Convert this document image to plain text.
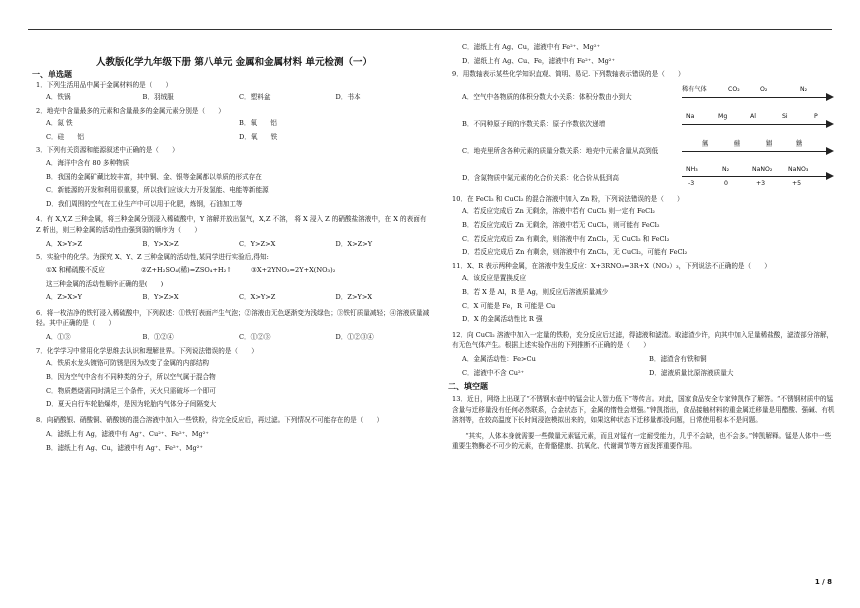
人教版化学九年级下册 第八单元 金属和金属材料 单元检测（一）
一、单选题
1．下列生活用品中属于金属材料的是（　　）
A．铁锅	B．羽绒服	C．塑料盆	D．书本
2．地壳中含量最多的元素和含量最多的金属元素分别是（　　）
A．氮 铁	B．氧　　铝
C．硅　　铝	D．氧　　铁
3．下列有关资源和能源叙述中正确的是（　　）
A．海洋中含有 80 多种物质
B．我国的金属矿藏比较丰富，其中铜、金、银等金属都以单质的形式存在
C．新能源的开发和利用很重要，所以我们应该大力开发氢能、电能等新能源
D．我们周围的空气在工业生产中可以用于化肥，炼钢，石油加工等
4．有 X,Y,Z 三种金属，将三种金属分别浸入稀硫酸中，Y 溶解并放出氢气，X,Z 不溶， 将 X 浸入 Z 的硝酸盐溶液中，在 X 的表面有 Z 析出，则三种金属的活动性由强到弱的顺序为（　　）
A．X>Y>Z	B．Y>X>Z	C．Y>Z>X	D．X>Z>Y
5．实验中的化学。为探究 X、Y、Z 三种金属的活动性,某同学进行实验后,得知:
①X 和稀硫酸不反应	②Z+H₂SO₄(稀)=ZSO₄+H₂↑	③X+2YNO₃=2Y+X(NO₃)₂
这三种金属的活动性顺序正确的是(　　)
A．Z>X>Y	B．Y>Z>X	C．X>Y>Z	D．Z>Y>X
6．将一枚洁净的铁钉浸入稀硫酸中，下列叙述：①铁钉表面产生气泡；②溶液由无色逐渐变为浅绿色；③铁钉质量减轻；④溶液质量减轻。其中正确的是（　　）
A．①③	B．①②④	C．①②③	D．①②③④
7．化学学习中常用化学思维去认识和理解世界。下列说法错误的是（　　）
A．铁质水龙头镀铬可防锈是因为改变了金属的内部结构
B．因为空气中含有不同种类的分子，所以空气属于混合物
C．物质燃烧需同时满足三个条件，灭火只需破坏一个即可
D．夏天自行车轮胎爆炸，是因为轮胎内气体分子间隔变大
8．向硝酸银、硝酸铜、硝酸镁的混合溶液中加入一些铁粉，待完全反应后，再过滤。下列情况不可能存在的是（　　）
A．滤纸上有 Ag，滤液中有 Ag⁺、Cu²⁺、Fe²⁺、Mg²⁺
B．滤纸上有 Ag、Cu，滤液中有 Ag⁺、Fe²⁺、Mg²⁺
C．滤纸上有 Ag、Cu，滤液中有 Fe²⁺、Mg²⁺
D．滤纸上有 Ag、Cu、Fe，滤液中有 Fe²⁺、Mg²⁺
9．用数轴表示某些化学知识直观、简明、易记. 下列数轴表示错误的是（　　）
A．空气中各物质的体积分数大小关系：体积分数由小到大
稀有气体	CO₂	O₂	N₂
B．不同种原子间的序数关系：原子序数依次递增
Na	Mg	Al	Si	P
C．地壳里所含各种元素的质量分数关系：地壳中元素含量从高到低
氧	硅	铝	铁
D．含氮物质中氮元素的化合价关系：化合价从低到高
NH₃	N₂	NaNO₂	NaNO₃
-3	0	+3	+5
10．在 FeCl₂ 和 CuCl₂ 的混合溶液中加入 Zn 粉，下列说法错误的是（　　）
A．若反应完成后 Zn 无剩余，溶液中若有 CuCl₂ 则一定有 FeCl₂
B．若反应完成后 Zn 无剩余，溶液中若无 CuCl₂，则可能有 FeCl₂
C．若反应完成后 Zn 有剩余，则溶液中有 ZnCl₂，无 CuCl₂ 和 FeCl₂
D．若反应完成后 Zn 有剩余，则溶液中有 ZnCl₂，无 CuCl₂，可能有 FeCl₂
11．X、R 表示两种金属，在溶液中发生反应：X+3RNO₃=3R+X（NO₃）₃，下列说法不正确的是（　　）
A．该反应是置换反应
B．若 X 是 Al，R 是 Ag，则反应后溶液质量减少
C．X 可能是 Fe，R 可能是 Cu
D．X 的金属活动性比 R 强
12．向 CuCl₂ 溶液中加入一定量的铁粉，充分反应后过滤，得滤液和滤渣。取滤渣少许，向其中加入足量稀盐酸，滤渣部分溶解，有无色气体产生。根据上述实验作出的下列推断不正确的是（　　）
A．金属活动性：Fe>Cu	B．滤渣含有铁和铜
C．滤液中不含 Cu²⁺	D．滤液质量比原溶液质量大
二、填空题
13．近日，网络上出现了“不锈钢水壶中的锰会让人智力低下”等传言。对此，国家食品安全专家钟凯作了解答。“不锈钢材质中的锰含量与迁移量没有任何必然联系，合金状态下，金属的惰性会增强。”钟凯指出，食品接触材料的重金属迁移量是用醋酸、强碱、有机溶剂等，在较高温度下长时间浸泡模拟出来的，如果这种状态下迁移量都没问题，日常使用根本不是问题。
“其实，人体本身就需要一些微量元素锰元素，而且对锰有一定耐受能力，几乎不会缺，也不会多。”钟凯解释。锰是人体中一些重要生物酶必不可少的元素，在骨骼健康、抗氧化、代谢调节等方面发挥重要作用。
1 / 8
